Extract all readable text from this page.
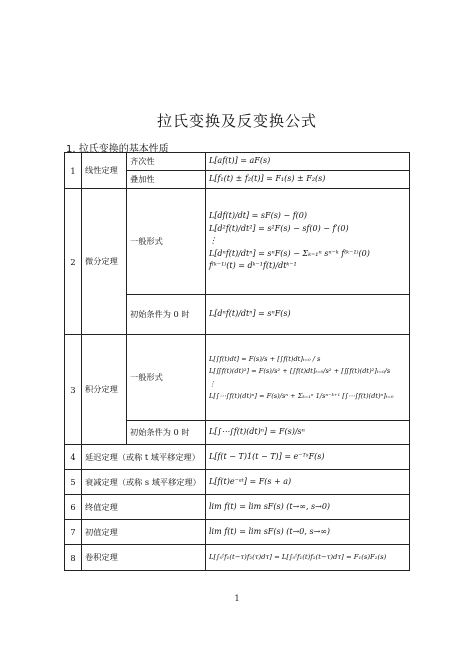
拉氏变换及反变换公式
1. 拉氏变换的基本性质
1	线性定理	齐次性	L[af(t)] = aF(s)

		叠加性	L[f₁(t) ± f₂(t)] = F₁(s) ± F₂(s)

2	微分定理	一般形式	L[df(t)/dt] = sF(s) − f(0)
L[d²f(t)/dt²] = s²F(s) − sf(0) − f′(0)
⋮
L[dⁿf(t)/dtⁿ] = sⁿF(s) − Σₖ₌₁ⁿ sⁿ⁻ᵏ f⁽ᵏ⁻¹⁾(0)
f⁽ᵏ⁻¹⁾(t) = dᵏ⁻¹f(t)/dtᵏ⁻¹

		初始条件为 0 时	L[dⁿf(t)/dtⁿ] = sⁿF(s)

3	积分定理	一般形式	L[∫f(t)dt] = F(s)/s + [∫f(t)dt]ₜ₌₀ / s
L[∬f(t)(dt)²] = F(s)/s² + [∫f(t)dt]ₜ₌₀/s² + [∬f(t)(dt)²]ₜ₌₀/s
⋮
L[∫⋯∫f(t)(dt)ⁿ] = F(s)/sⁿ + Σₖ₌₁ⁿ 1/sⁿ⁻ᵏ⁺¹ [∫⋯∫f(t)(dt)ⁿ]ₜ₌₀

		初始条件为 0 时	L[∫⋯∫f(t)(dt)ⁿ] = F(s)/sⁿ

4	延迟定理（或称 t 域平移定理）		L[f(t − T)1(t − T)] = e⁻ᵀˢF(s)

5	衰减定理（或称 s 域平移定理）		L[f(t)e⁻ᵃᵗ] = F(s + a)

6	终值定理		lim f(t) = lim sF(s) (t→∞, s→0)

7	初值定理		lim f(t) = lim sF(s) (t→0, s→∞)

8	卷积定理		L[∫₀ᵗf₁(t−τ)f₂(τ)dτ] = L[∫₀ᵗf₁(t)f₂(t−τ)dτ] = F₁(s)F₂(s)
1
